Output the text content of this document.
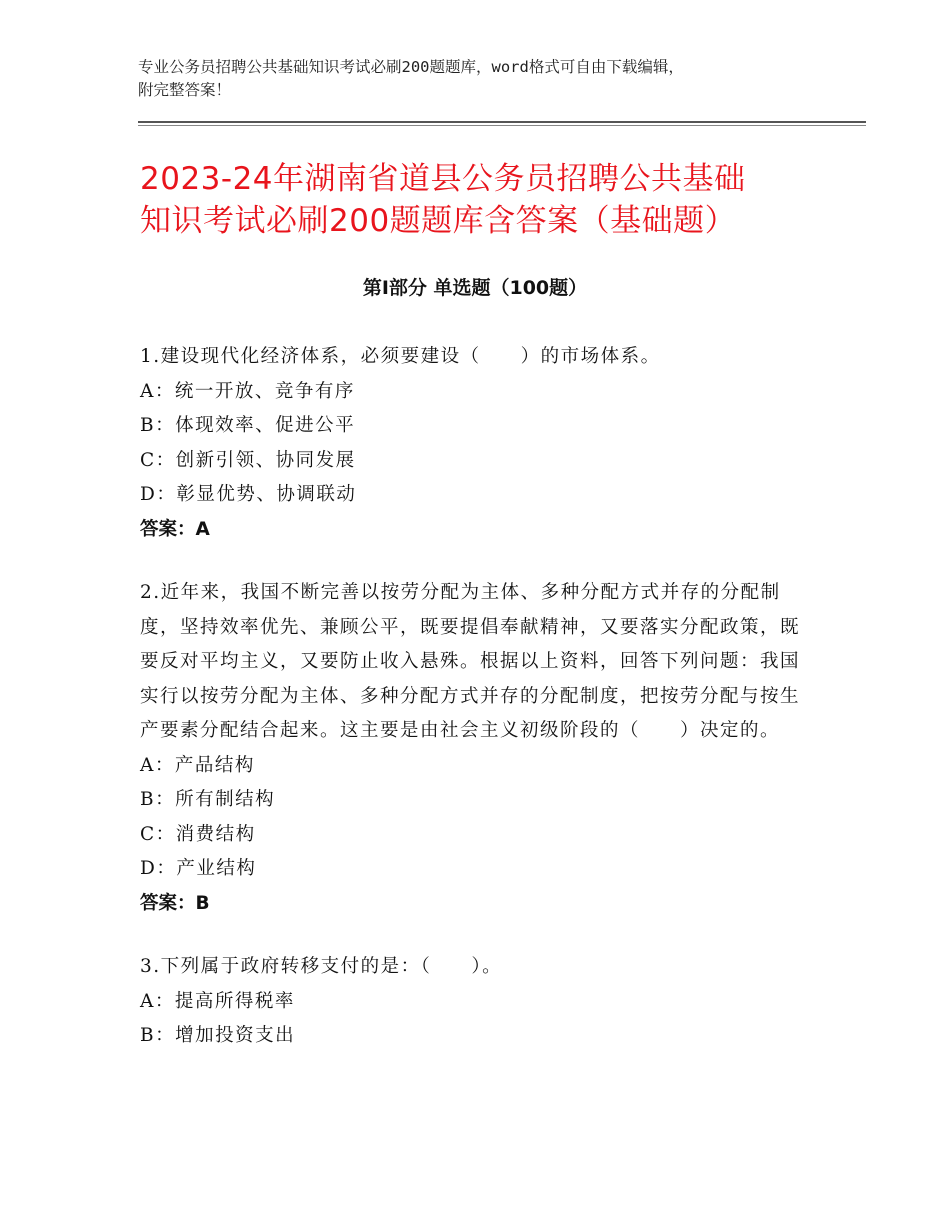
专业公务员招聘公共基础知识考试必刷200题题库，word格式可自由下载编辑，
附完整答案！
2023-24年湖南省道县公务员招聘公共基础
知识考试必刷200题题库含答案（基础题）
第Ⅰ部分 单选题（100题）

1.建设现代化经济体系，必须要建设（　　）的市场体系。

A：统一开放、竞争有序

B：体现效率、促进公平

C：创新引领、协同发展

D：彰显优势、协调联动

答案：A

2.近年来，我国不断完善以按劳分配为主体、多种分配方式并存的分配制度，坚持效率优先、兼顾公平，既要提倡奉献精神，又要落实分配政策，既要反对平均主义，又要防止收入悬殊。根据以上资料，回答下列问题：我国实行以按劳分配为主体、多种分配方式并存的分配制度，把按劳分配与按生产要素分配结合起来。这主要是由社会主义初级阶段的（　　）决定的。

A：产品结构

B：所有制结构

C：消费结构

D：产业结构

答案：B

3.下列属于政府转移支付的是：（　　）。

A：提高所得税率

B：增加投资支出
